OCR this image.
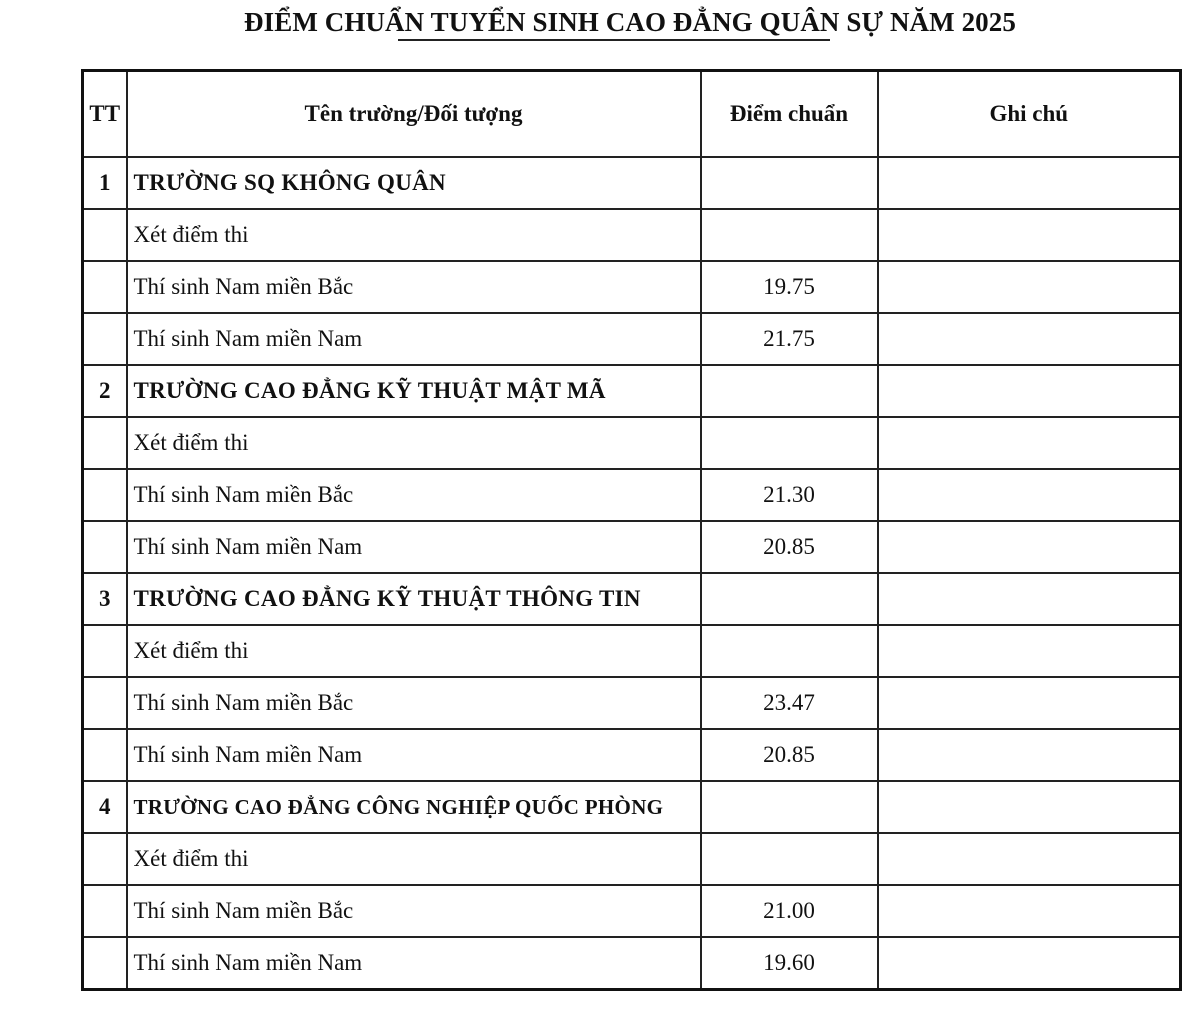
ĐIỂM CHUẨN TUYỂN SINH CAO ĐẲNG QUÂN SỰ NĂM 2025
TT	Tên trường/Đối tượng	Điểm chuẩn	Ghi chú
1	TRƯỜNG SQ KHÔNG QUÂN		
	Xét điểm thi		
	Thí sinh Nam miền Bắc	19.75	
	Thí sinh Nam miền Nam	21.75	
2	TRƯỜNG CAO ĐẲNG KỸ THUẬT MẬT MÃ		
	Xét điểm thi		
	Thí sinh Nam miền Bắc	21.30	
	Thí sinh Nam miền Nam	20.85	
3	TRƯỜNG CAO ĐẲNG KỸ THUẬT THÔNG TIN		
	Xét điểm thi		
	Thí sinh Nam miền Bắc	23.47	
	Thí sinh Nam miền Nam	20.85	
4	TRƯỜNG CAO ĐẲNG CÔNG NGHIỆP QUỐC PHÒNG		
	Xét điểm thi		
	Thí sinh Nam miền Bắc	21.00	
	Thí sinh Nam miền Nam	19.60	
